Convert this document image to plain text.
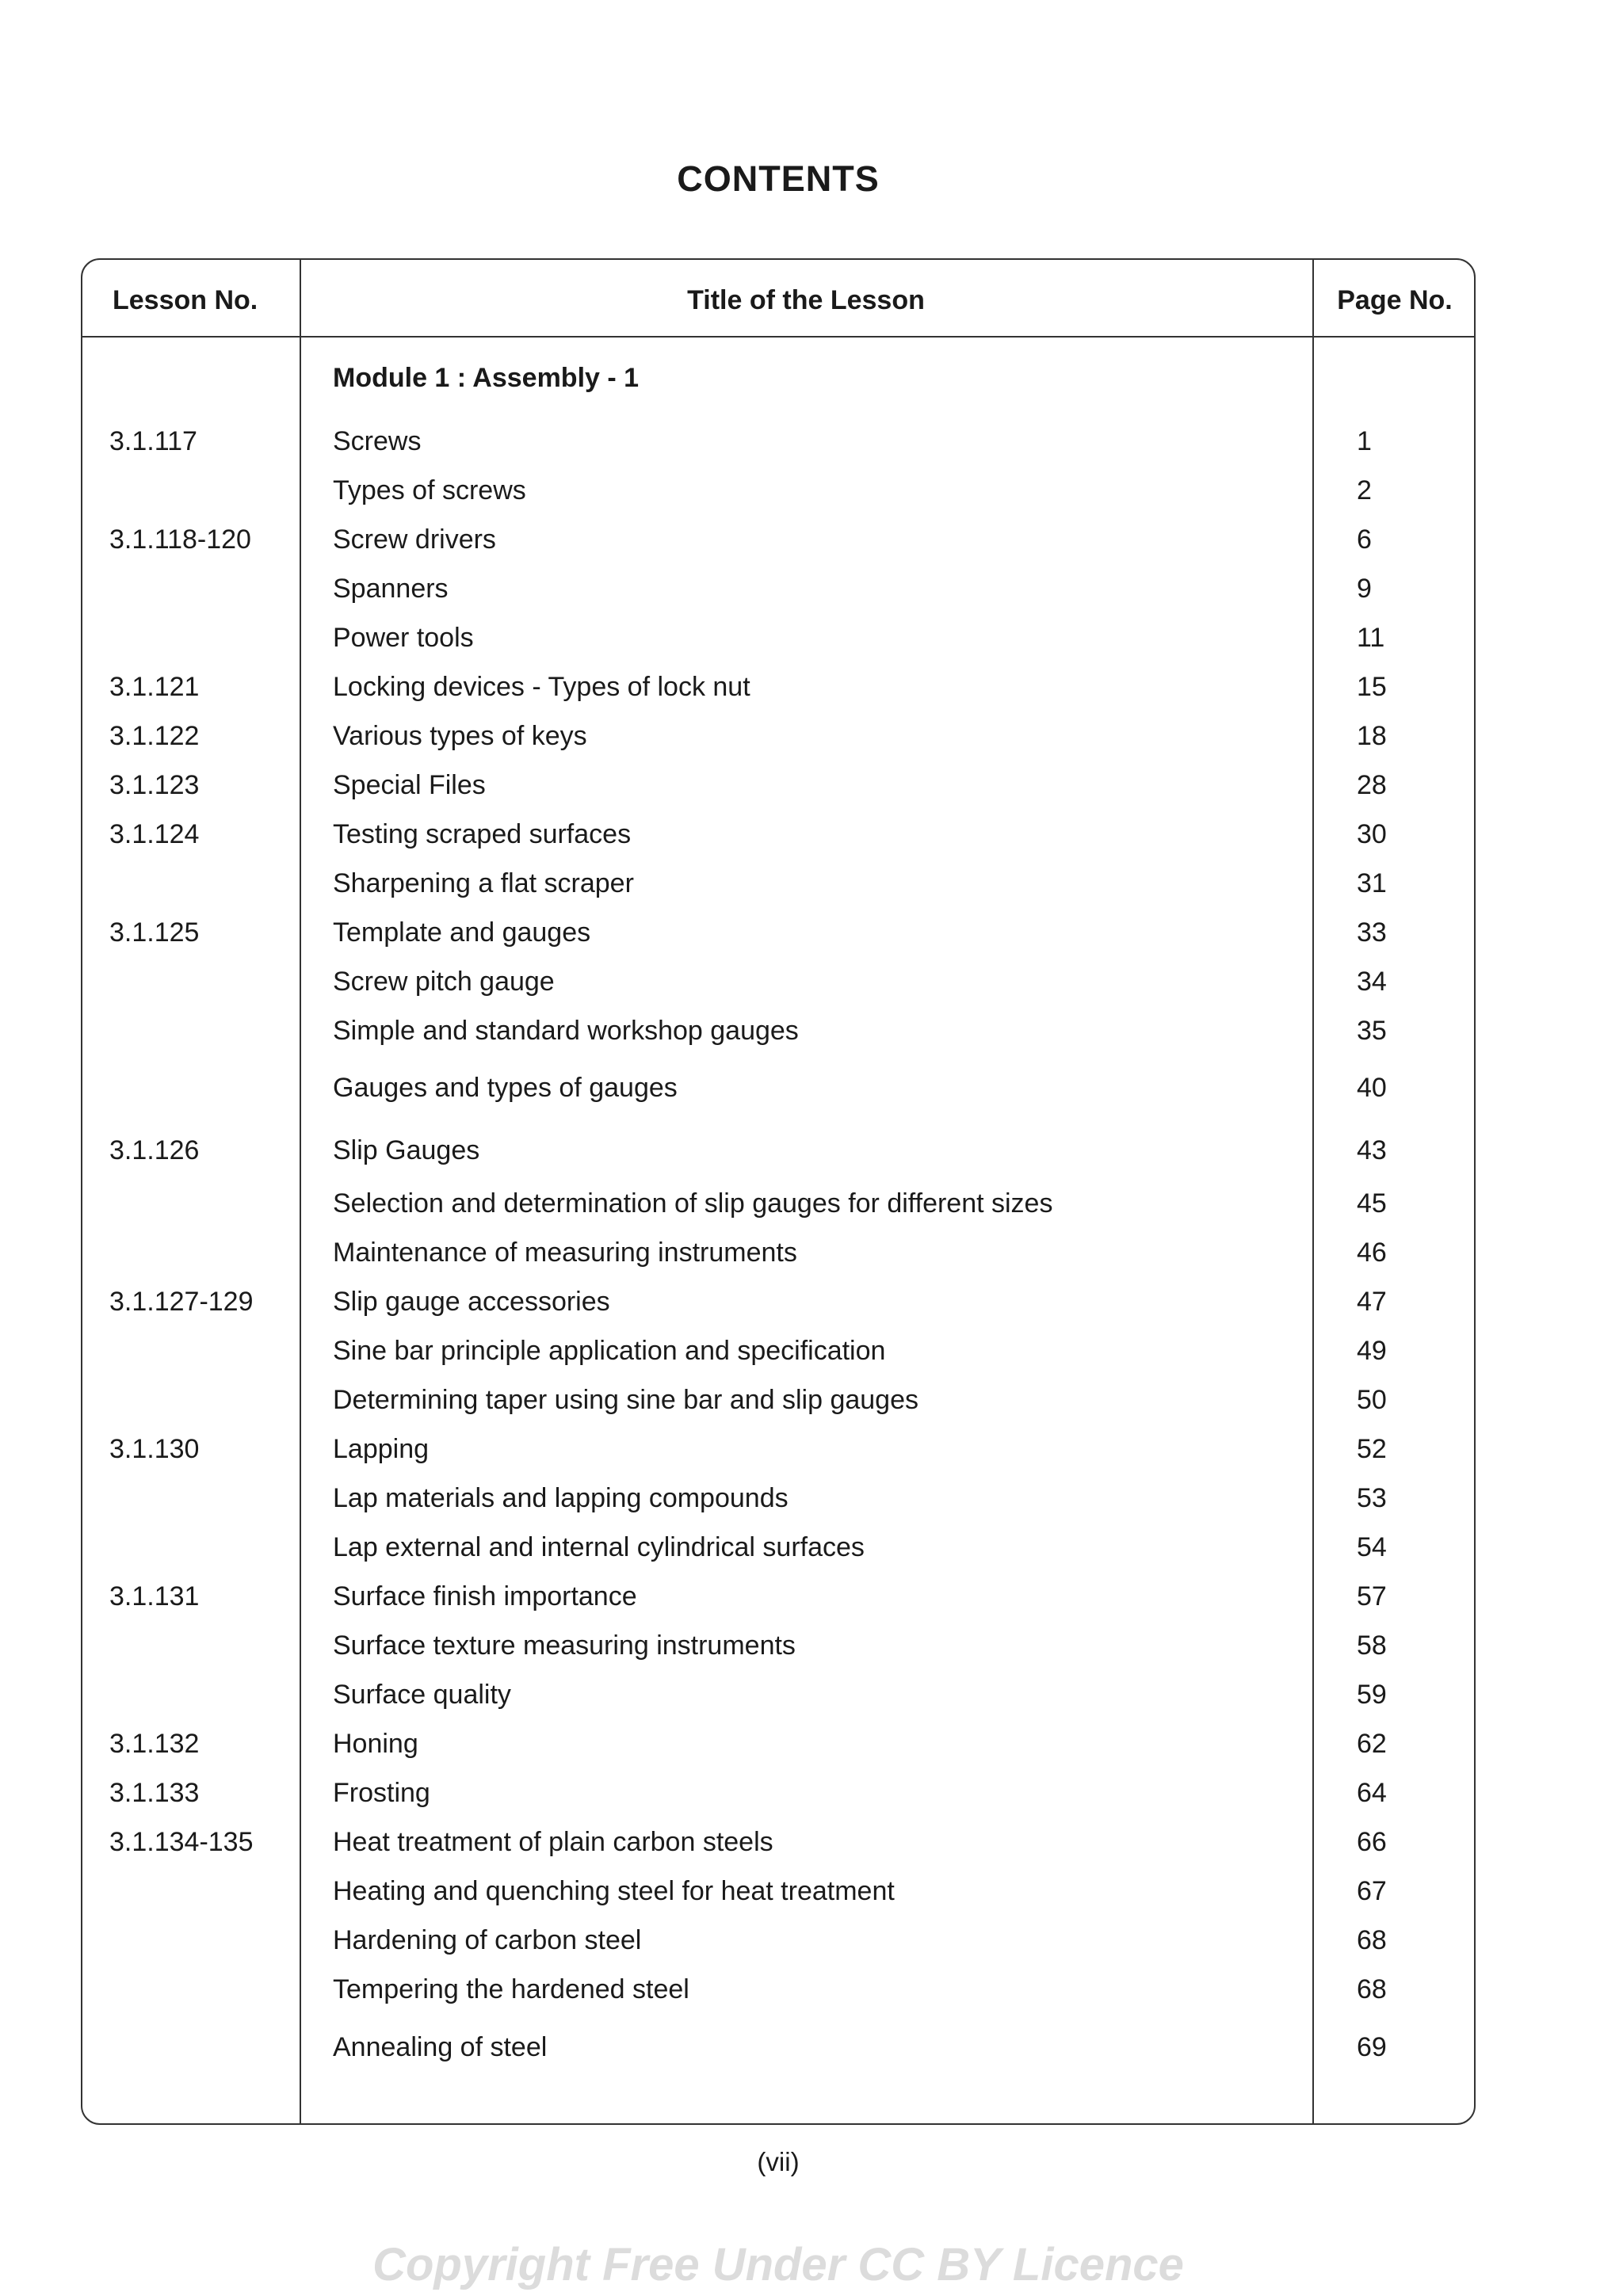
CONTENTS
Lesson No.	Title of the Lesson	Page No.
Module 1 : Assembly - 1
3.1.117	Screws	1
Types of screws	2
3.1.118-120	Screw drivers	6
Spanners	9
Power tools	11
3.1.121	Locking devices - Types of lock nut	15
3.1.122	Various types of keys	18
3.1.123	Special Files	28
3.1.124	Testing scraped surfaces	30
Sharpening a flat scraper	31
3.1.125	Template and gauges	33
Screw pitch gauge	34
Simple and standard workshop gauges	35
Gauges and types of gauges	40
3.1.126	Slip Gauges	43
Selection and determination of slip gauges for different sizes	45
Maintenance of measuring instruments	46
3.1.127-129	Slip gauge accessories	47
Sine bar principle application and specification	49
Determining taper using sine bar and slip gauges	50
3.1.130	Lapping	52
Lap materials and lapping compounds	53
Lap external and internal cylindrical surfaces	54
3.1.131	Surface finish importance	57
Surface texture measuring instruments	58
Surface quality	59
3.1.132	Honing	62
3.1.133	Frosting	64
3.1.134-135	Heat treatment of plain carbon steels	66
Heating and quenching steel for heat treatment	67
Hardening of carbon steel	68
Tempering the hardened steel	68
Annealing of steel	69
(vii)
Copyright Free Under CC BY Licence
